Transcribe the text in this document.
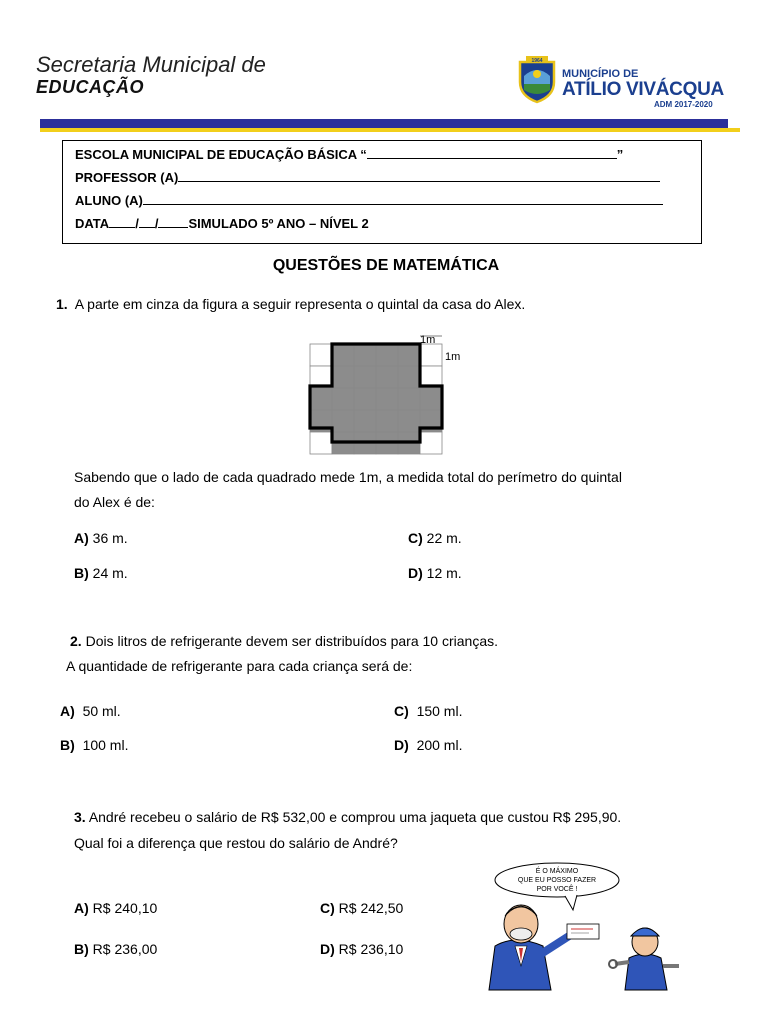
Secretaria Municipal de
EDUCAÇÃO
1964
MUNICÍPIO DE
ATÍLIO VIVÁCQUA
ADM 2017-2020
ESCOLA MUNICIPAL DE EDUCAÇÃO BÁSICA “	”
PROFESSOR (A)
ALUNO (A)
DATA / / SIMULADO 5º ANO – NÍVEL 2
QUESTÕES DE MATEMÁTICA
1. A parte em cinza da figura a seguir representa o quintal da casa do Alex.
1m
1m
Sabendo que o lado de cada quadrado mede 1m, a medida total do perímetro do quintal
do Alex é de:
A) 36 m.	C) 22 m.
B) 24 m.	D) 12 m.
2. Dois litros de refrigerante devem ser distribuídos para 10 crianças.
A quantidade de refrigerante para cada criança será de:
A) 50 ml.	C) 150 ml.
B) 100 ml.	D) 200 ml.
3. André recebeu o salário de R$ 532,00 e comprou uma jaqueta que custou R$ 295,90.
Qual foi a diferença que restou do salário de André?
A) R$ 240,10	C) R$ 242,50
B) R$ 236,00	D) R$ 236,10
É O MÁXIMO
QUE EU POSSO FAZER
POR VOCÊ !
